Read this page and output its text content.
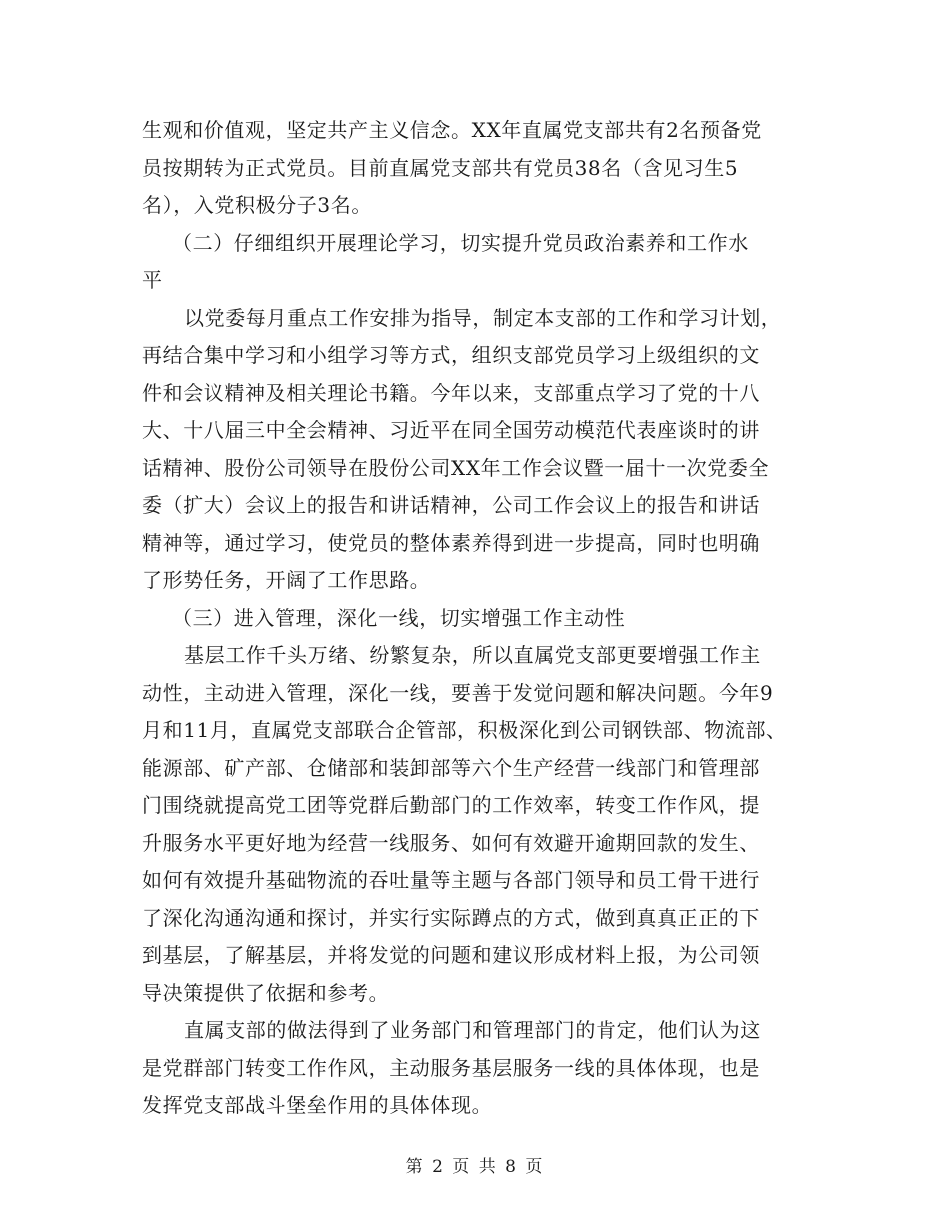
生观和价值观，坚定共产主义信念。XX年直属党支部共有2名预备党
员按期转为正式党员。目前直属党支部共有党员38名（含见习生5
名），入党积极分子3名。
（二）仔细组织开展理论学习，切实提升党员政治素养和工作水
平
以党委每月重点工作安排为指导，制定本支部的工作和学习计划，
再结合集中学习和小组学习等方式，组织支部党员学习上级组织的文
件和会议精神及相关理论书籍。今年以来，支部重点学习了党的十八
大、十八届三中全会精神、习近平在同全国劳动模范代表座谈时的讲
话精神、股份公司领导在股份公司XX年工作会议暨一届十一次党委全
委（扩大）会议上的报告和讲话精神，公司工作会议上的报告和讲话
精神等，通过学习，使党员的整体素养得到进一步提高，同时也明确
了形势任务，开阔了工作思路。
（三）进入管理，深化一线，切实增强工作主动性
基层工作千头万绪、纷繁复杂，所以直属党支部更要增强工作主
动性，主动进入管理，深化一线，要善于发觉问题和解决问题。今年9
月和11月，直属党支部联合企管部，积极深化到公司钢铁部、物流部、
能源部、矿产部、仓储部和装卸部等六个生产经营一线部门和管理部
门围绕就提高党工团等党群后勤部门的工作效率，转变工作作风，提
升服务水平更好地为经营一线服务、如何有效避开逾期回款的发生、
如何有效提升基础物流的吞吐量等主题与各部门领导和员工骨干进行
了深化沟通沟通和探讨，并实行实际蹲点的方式，做到真真正正的下
到基层，了解基层，并将发觉的问题和建议形成材料上报，为公司领
导决策提供了依据和参考。
直属支部的做法得到了业务部门和管理部门的肯定，他们认为这
是党群部门转变工作作风，主动服务基层服务一线的具体体现，也是
发挥党支部战斗堡垒作用的具体体现。
第 2 页 共 8 页
